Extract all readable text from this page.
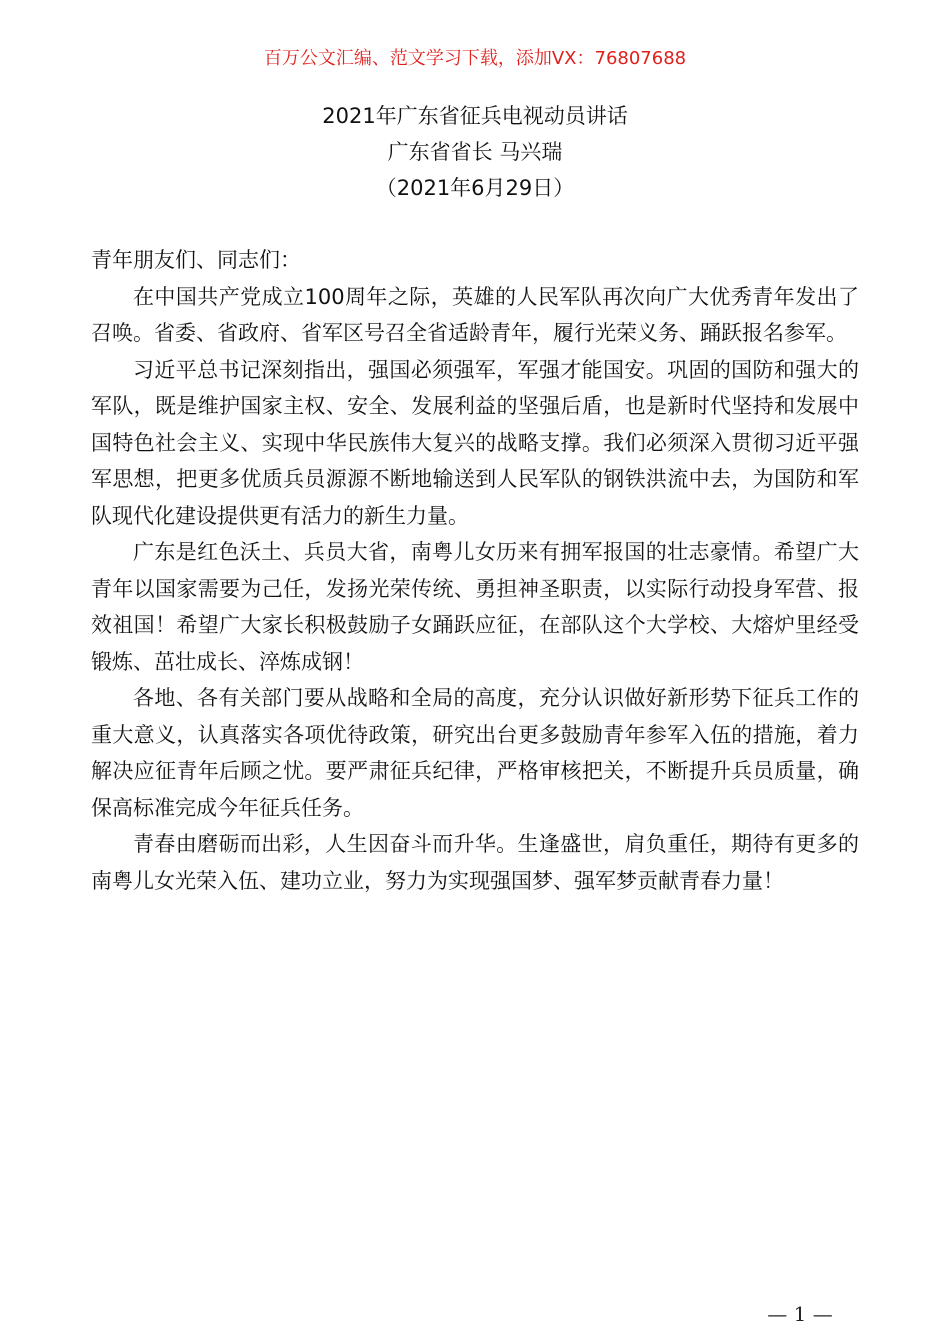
百万公文汇编、范文学习下载，添加VX：76807688
2021年广东省征兵电视动员讲话
广东省省长 马兴瑞
（2021年6月29日）

青年朋友们、同志们：

在中国共产党成立100周年之际，英雄的人民军队再次向广大优秀青年发出了召唤。省委、省政府、省军区号召全省适龄青年，履行光荣义务、踊跃报名参军。

习近平总书记深刻指出，强国必须强军，军强才能国安。巩固的国防和强大的军队，既是维护国家主权、安全、发展利益的坚强后盾，也是新时代坚持和发展中国特色社会主义、实现中华民族伟大复兴的战略支撑。我们必须深入贯彻习近平强军思想，把更多优质兵员源源不断地输送到人民军队的钢铁洪流中去，为国防和军队现代化建设提供更有活力的新生力量。

广东是红色沃土、兵员大省，南粤儿女历来有拥军报国的壮志豪情。希望广大青年以国家需要为己任，发扬光荣传统、勇担神圣职责，以实际行动投身军营、报效祖国！希望广大家长积极鼓励子女踊跃应征，在部队这个大学校、大熔炉里经受锻炼、茁壮成长、淬炼成钢！

各地、各有关部门要从战略和全局的高度，充分认识做好新形势下征兵工作的重大意义，认真落实各项优待政策，研究出台更多鼓励青年参军入伍的措施，着力解决应征青年后顾之忧。要严肃征兵纪律，严格审核把关，不断提升兵员质量，确保高标准完成今年征兵任务。

青春由磨砺而出彩，人生因奋斗而升华。生逢盛世，肩负重任，期待有更多的南粤儿女光荣入伍、建功立业，努力为实现强国梦、强军梦贡献青春力量！

— 1 —
